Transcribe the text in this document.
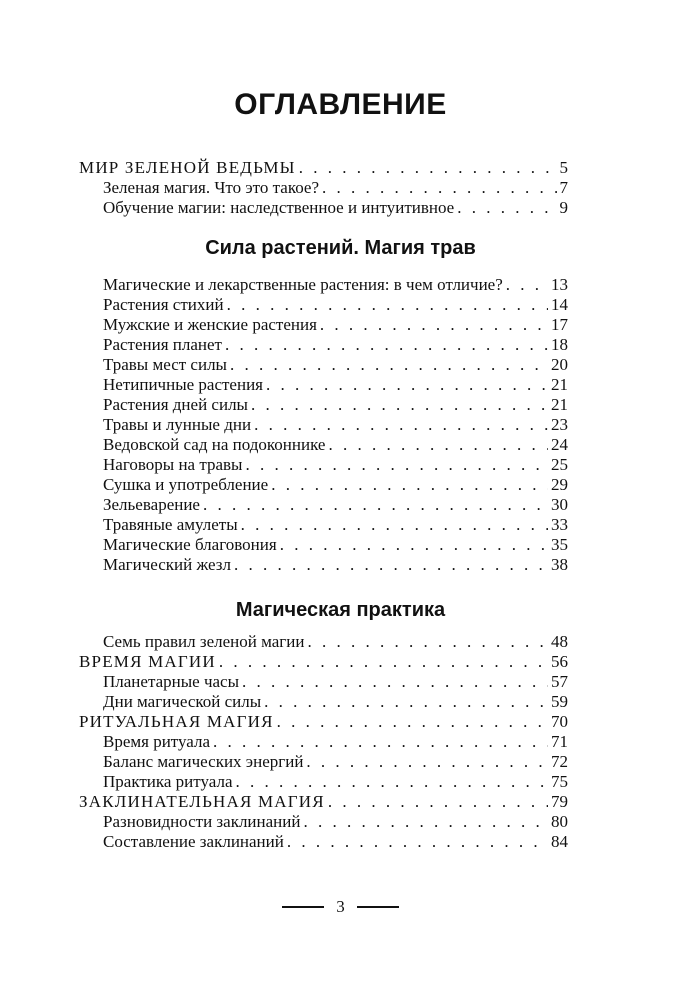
ОГЛАВЛЕНИЕ
МИР ЗЕЛЕНОЙ ВЕДЬМЫ . . .	5
Зеленая магия. Что это такое? . . .	7
Обучение магии: наследственное и интуитивное . . .	9
Сила растений. Магия трав
Магические и лекарственные растения: в чем отличие? . . .	13
Растения стихий . . .	14
Мужские и женские растения . . .	17
Растения планет . . .	18
Травы мест силы . . .	20
Нетипичные растения . . .	21
Растения дней силы . . .	21
Травы и лунные дни . . .	23
Ведовской сад на подоконнике . . .	24
Наговоры на травы . . .	25
Сушка и употребление . . .	29
Зельеварение . . .	30
Травяные амулеты . . .	33
Магические благовония . . .	35
Магический жезл . . .	38
Магическая практика
Семь правил зеленой магии . . .	48
ВРЕМЯ МАГИИ . . .	56
Планетарные часы . . .	57
Дни магической силы . . .	59
РИТУАЛЬНАЯ МАГИЯ . . .	70
Время ритуала . . .	71
Баланс магических энергий . . .	72
Практика ритуала . . .	75
ЗАКЛИНАТЕЛЬНАЯ МАГИЯ . . .	79
Разновидности заклинаний . . .	80
Составление заклинаний . . .	84
3
